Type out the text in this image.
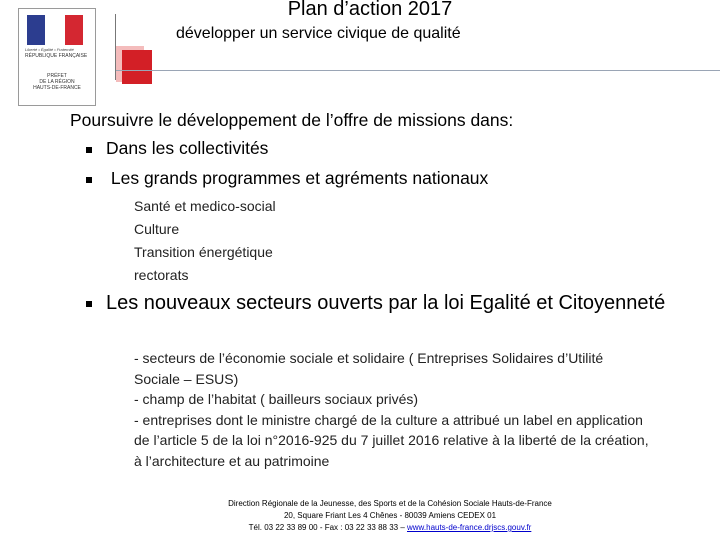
Liberté • Égalité • Fraternité
RÉPUBLIQUE FRANÇAISE
PRÉFET
DE LA RÉGION
HAUTS-DE-FRANCE
Plan d’action 2017
développer un service civique de qualité
Poursuivre le développement de l’offre de missions dans:
Dans les collectivités
Les grands programmes et agréments nationaux
Santé et medico-social
Culture
Transition énergétique
rectorats
Les nouveaux secteurs ouverts par la loi Egalité et Citoyenneté
- secteurs de l’économie sociale et solidaire ( Entreprises Solidaires d’Utilité
Sociale – ESUS)
- champ de l’habitat ( bailleurs sociaux privés)
- entreprises dont le ministre chargé de la culture a attribué un label en application
de l’article 5 de la loi n°2016-925 du 7 juillet 2016 relative à la liberté de la création,
à l’architecture et au patrimoine
Direction Régionale de la Jeunesse, des Sports et de la Cohésion Sociale Hauts-de-France
20, Square Friant Les 4 Chênes - 80039 Amiens CEDEX 01
Tél. 03 22 33 89 00 - Fax : 03 22 33 88 33 – www.hauts-de-france.drjscs.gouv.fr
